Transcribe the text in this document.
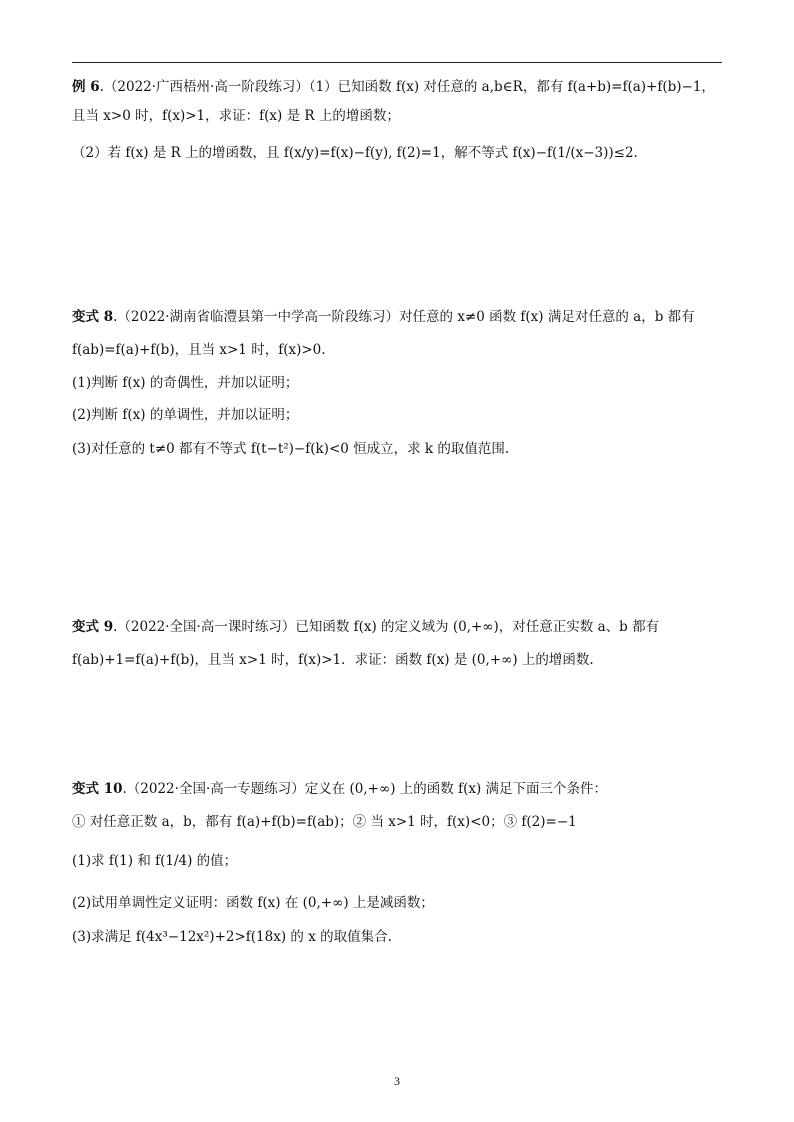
例 6.（2022·广西梧州·高一阶段练习）（1）已知函数 f(x) 对任意的 a,b∈R，都有 f(a+b)=f(a)+f(b)−1，
且当 x>0 时，f(x)>1，求证：f(x) 是 R 上的增函数；
（2）若 f(x) 是 R 上的增函数，且 f(x/y)=f(x)−f(y), f(2)=1，解不等式 f(x)−f(1/(x−3))≤2.
变式 8.（2022·湖南省临澧县第一中学高一阶段练习）对任意的 x≠0 函数 f(x) 满足对任意的 a，b 都有
f(ab)=f(a)+f(b)，且当 x>1 时，f(x)>0.
(1)判断 f(x) 的奇偶性，并加以证明；
(2)判断 f(x) 的单调性，并加以证明；
(3)对任意的 t≠0 都有不等式 f(t−t²)−f(k)<0 恒成立，求 k 的取值范围.
变式 9.（2022·全国·高一课时练习）已知函数 f(x) 的定义域为 (0,+∞)，对任意正实数 a、b 都有
f(ab)+1=f(a)+f(b)，且当 x>1 时，f(x)>1．求证：函数 f(x) 是 (0,+∞) 上的增函数.
变式 10.（2022·全国·高一专题练习）定义在 (0,+∞) 上的函数 f(x) 满足下面三个条件：
① 对任意正数 a，b，都有 f(a)+f(b)=f(ab)；② 当 x>1 时，f(x)<0；③ f(2)=−1
(1)求 f(1) 和 f(1/4) 的值；
(2)试用单调性定义证明：函数 f(x) 在 (0,+∞) 上是减函数；
(3)求满足 f(4x³−12x²)+2>f(18x) 的 x 的取值集合.
3
